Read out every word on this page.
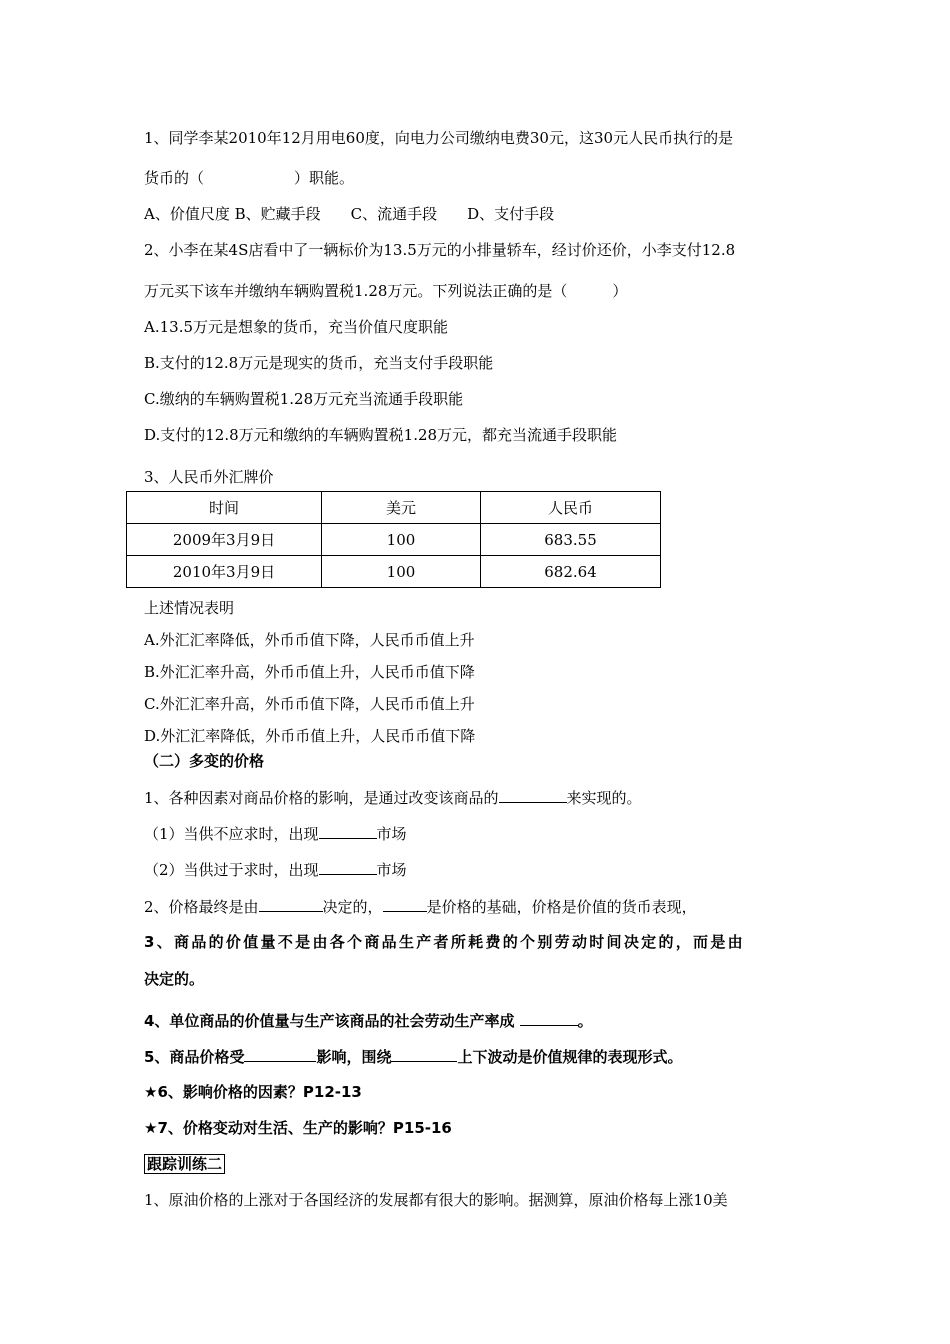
1、同学李某2010年12月用电60度，向电力公司缴纳电费30元，这30元人民币执行的是
货币的（	）职能。
A、价值尺度 B、贮藏手段　　C、流通手段　　D、支付手段
2、小李在某4S店看中了一辆标价为13.5万元的小排量轿车，经讨价还价，小李支付12.8
万元买下该车并缴纳车辆购置税1.28万元。下列说法正确的是（　　　）
A.13.5万元是想象的货币，充当价值尺度职能
B.支付的12.8万元是现实的货币，充当支付手段职能
C.缴纳的车辆购置税1.28万元充当流通手段职能
D.支付的12.8万元和缴纳的车辆购置税1.28万元，都充当流通手段职能
3、人民币外汇牌价
时间	美元	人民币
2009年3月9日	100	683.55
2010年3月9日	100	682.64
上述情况表明
A.外汇汇率降低，外币币值下降，人民币币值上升
B.外汇汇率升高，外币币值上升，人民币币值下降
C.外汇汇率升高，外币币值下降，人民币币值上升
D.外汇汇率降低，外币币值上升，人民币币值下降
（二）多变的价格
1、各种因素对商品价格的影响，是通过改变该商品的	来实现的。
（1）当供不应求时，出现	市场
（2）当供过于求时，出现	市场
2、价格最终是由	决定的，	是价格的基础，价格是价值的货币表现，
3、商品的价值量不是由各个商品生产者所耗费的个别劳动时间决定的，而是由
决定的。
4、单位商品的价值量与生产该商品的社会劳动生产率成	。
5、商品价格受	影响，围绕	上下波动是价值规律的表现形式。
★6、影响价格的因素？P12-13
★7、价格变动对生活、生产的影响？P15-16
跟踪训练二
1、原油价格的上涨对于各国经济的发展都有很大的影响。据测算，原油价格每上涨10美
